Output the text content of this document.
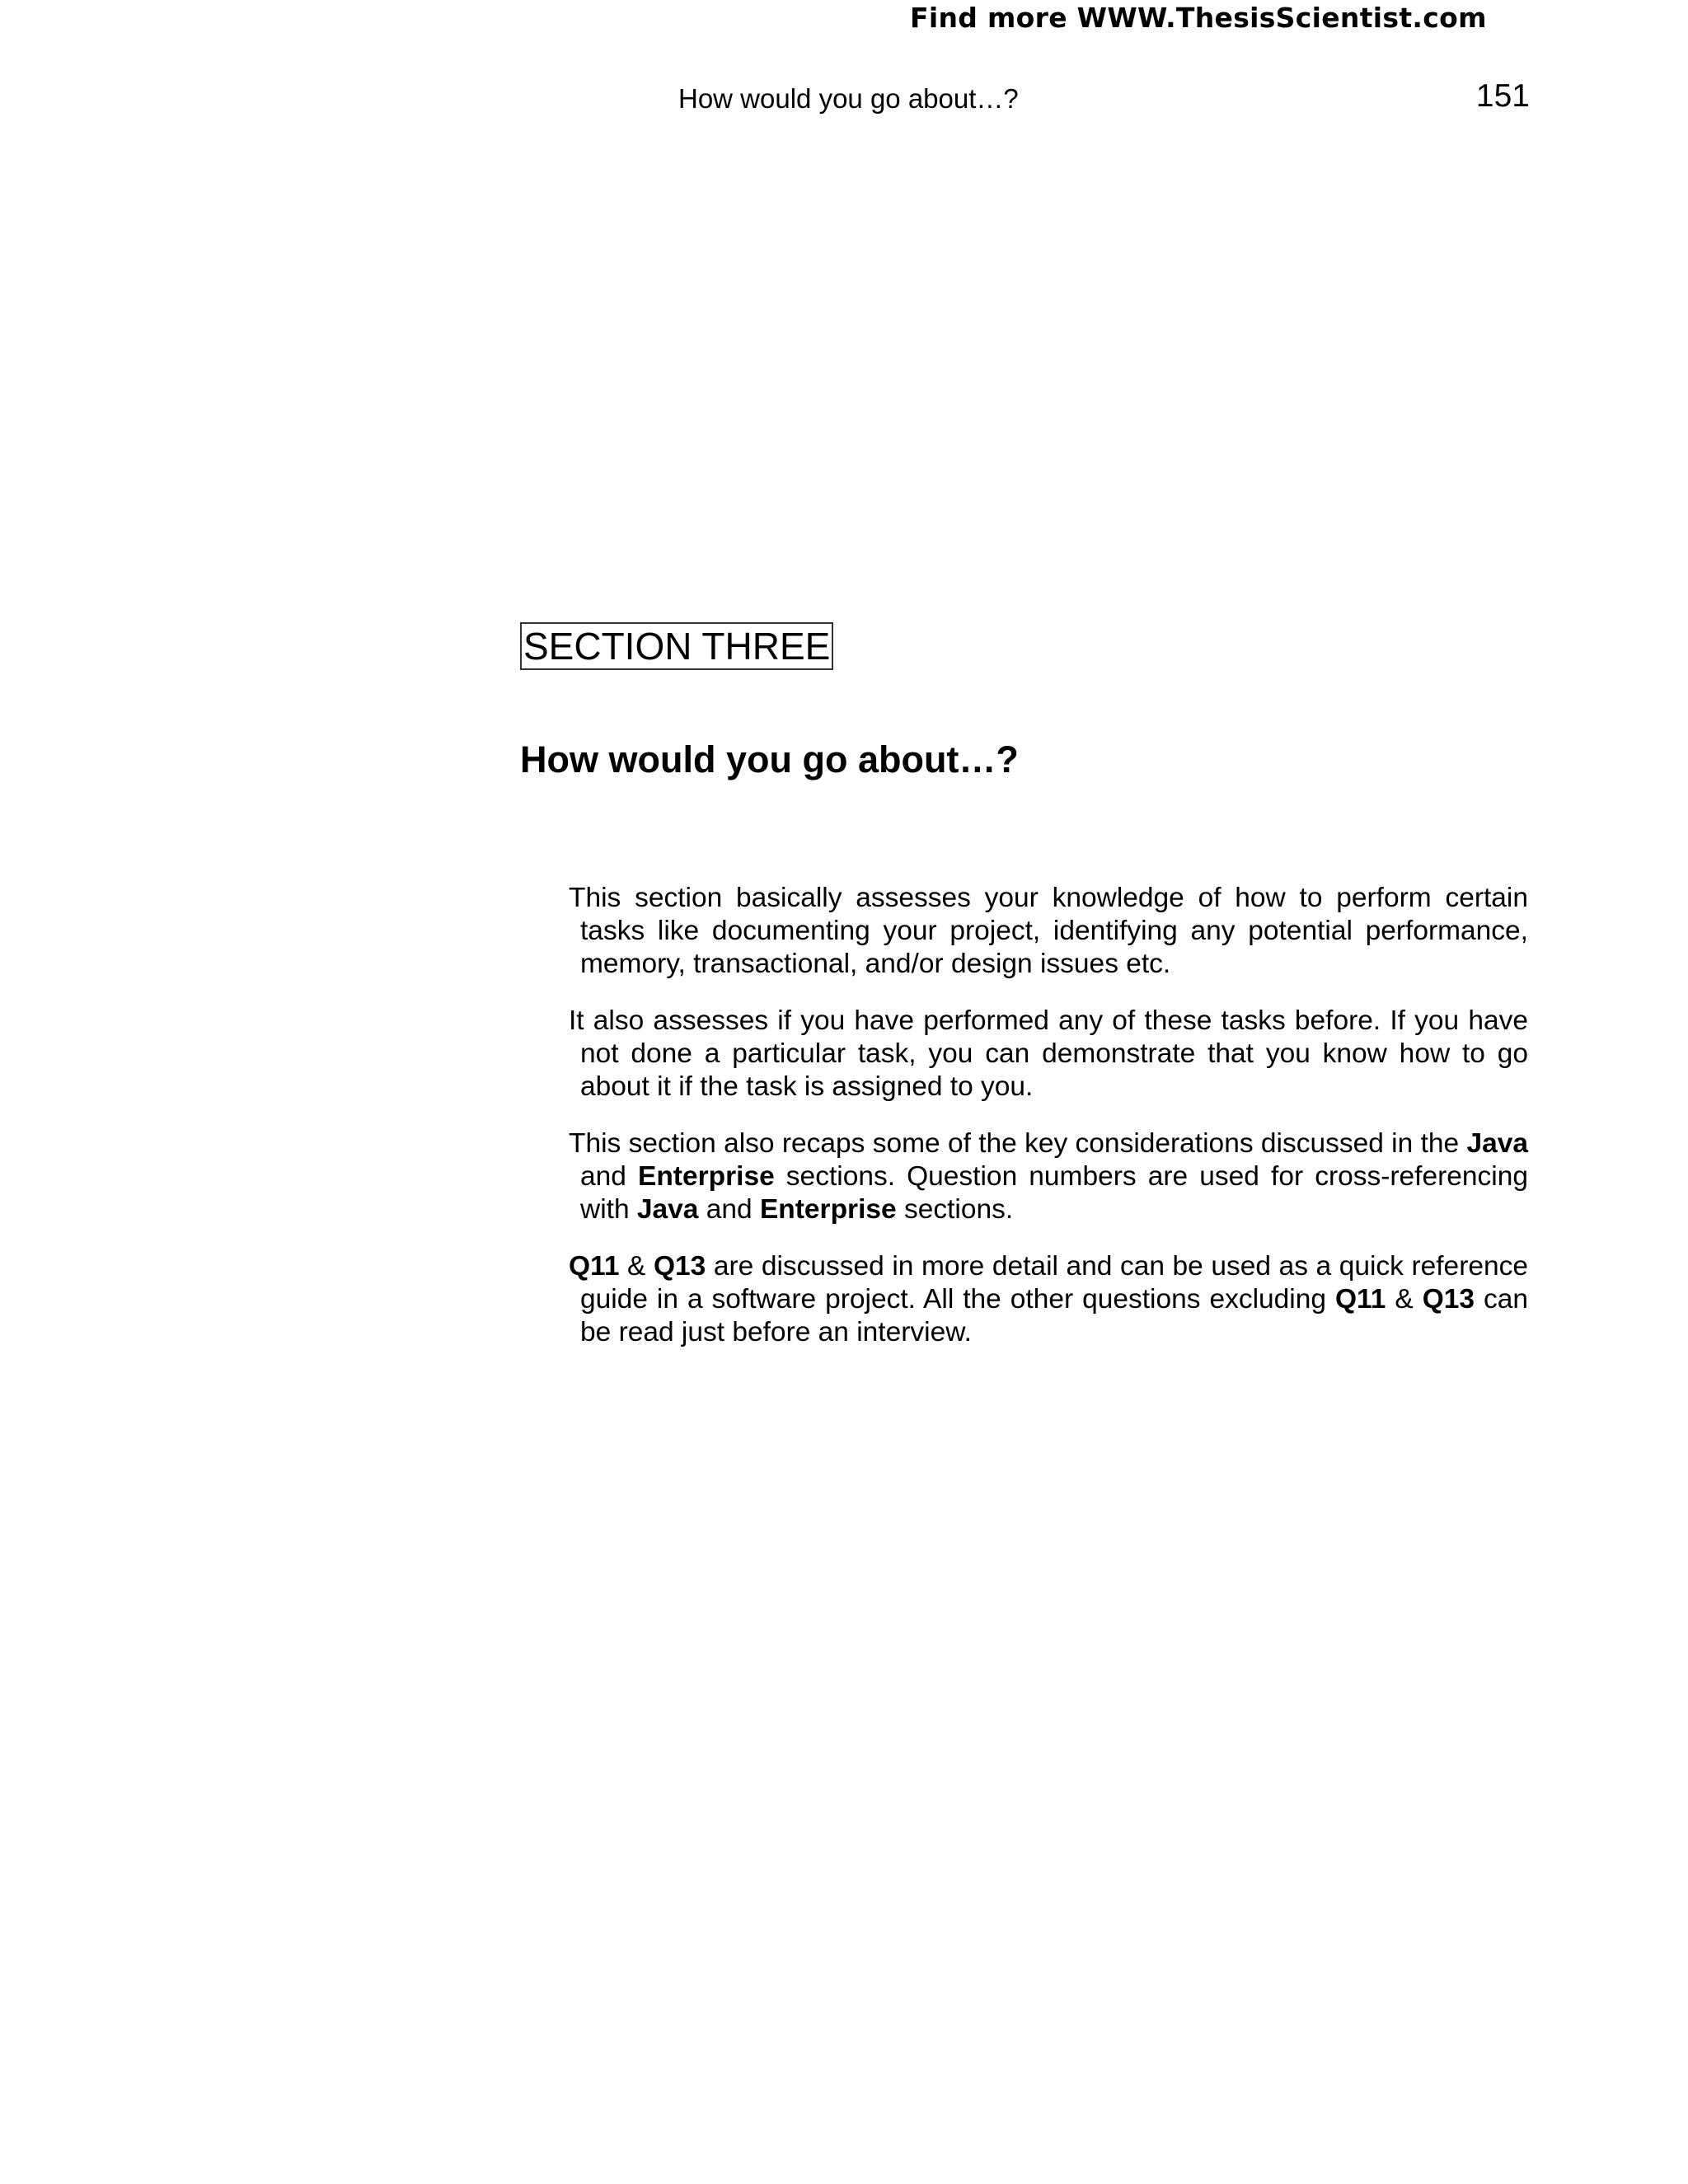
Find more WWW.ThesisScientist.com
How would you go about…?	151
SECTION THREE
How would you go about…?

This section basically assesses your knowledge of how to perform certain tasks like documenting your project, identifying any potential performance, memory, transactional, and/or design issues etc.

It also assesses if you have performed any of these tasks before. If you have not done a particular task, you can demonstrate that you know how to go about it if the task is assigned to you.

This section also recaps some of the key considerations discussed in the Java and Enterprise sections. Question numbers are used for cross-referencing with Java and Enterprise sections.

Q11 & Q13 are discussed in more detail and can be used as a quick reference guide in a software project. All the other questions excluding Q11 & Q13 can be read just before an interview.
